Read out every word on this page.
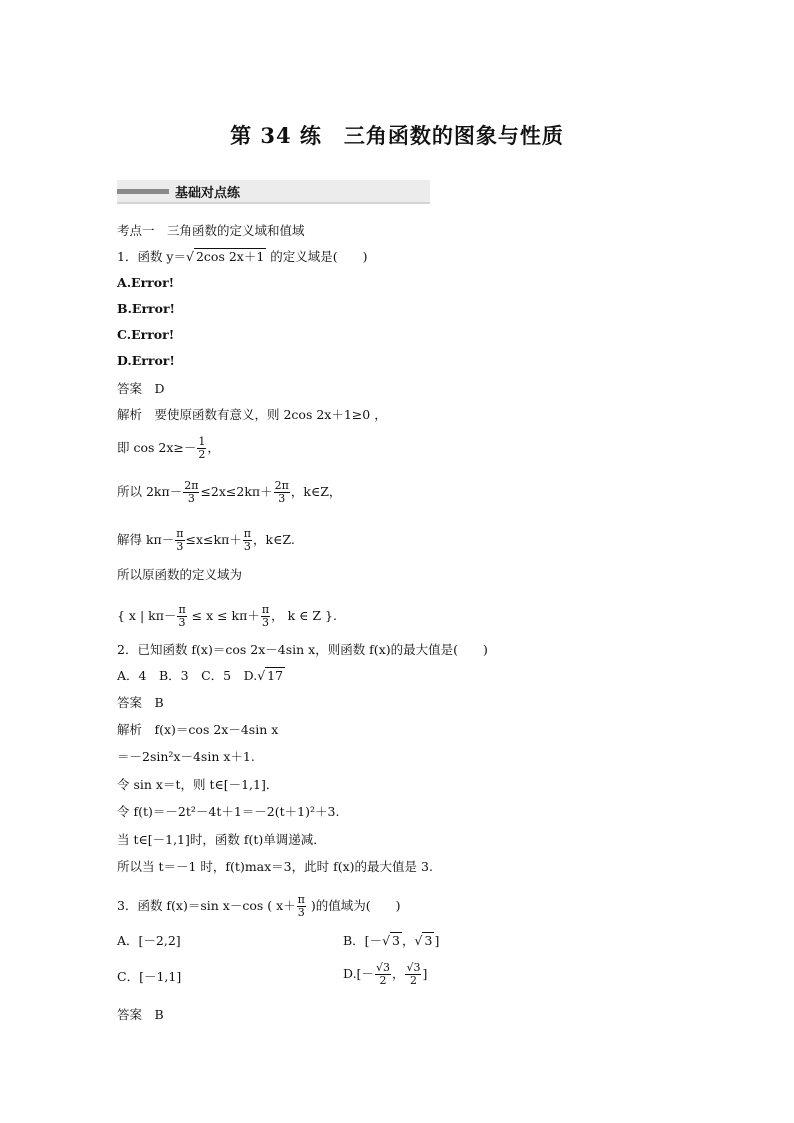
第 34 练　三角函数的图象与性质
基础对点练
考点一　三角函数的定义域和值域
1．函数 y＝√ 2cos 2x＋1 的定义域是(　　)
A.Error!
B.Error!
C.Error!
D.Error!
答案　D
解析　要使原函数有意义，则 2cos 2x＋1≥0 ，
即 $\cos 2x\ge- \frac{1}{2}$ ，
所以 $2k\pi- \frac{2\pi}{3} \le 2x\le 2k\pi+ \frac{2\pi}{3}$ ，k∈Z，
解得 $k\pi- \frac{\pi}{3} \le x\le k\pi+ \frac{\pi}{3}$ ，k∈Z.
所以原函数的定义域为
{ x | $k\pi- \frac{\pi}{3} \le x \le k\pi+ \frac{\pi}{3}$ ， k ∈ Z }.
2．已知函数 f(x)＝cos 2x－4sin x，则函数 f(x)的最大值是(　　)
A．4　B．3　C．5　D.√ 17
答案　B
解析　f(x)＝cos 2x－4sin x
＝－2sin²x－4sin x＋1.
令 sin x＝t，则 t∈[－1,1]．
令 f(t)＝－2t²－4t＋1＝－2(t＋1)²＋3.
当 t∈[－1,1]时，函数 f(t)单调递减．
所以当 t＝－1 时，f(t)max＝3，此时 f(x)的最大值是 3.
3．函数 f(x)＝sin x－cos ( $x+ \frac{\pi}{3}$ )的值域为(　　)
A．[－2,2]	B．[－√ 3 ，√ 3 ]
C．[－1,1]	$D.[- \frac{√3}{2}$ ， $\frac{√3}{2}$ ]
答案　B
